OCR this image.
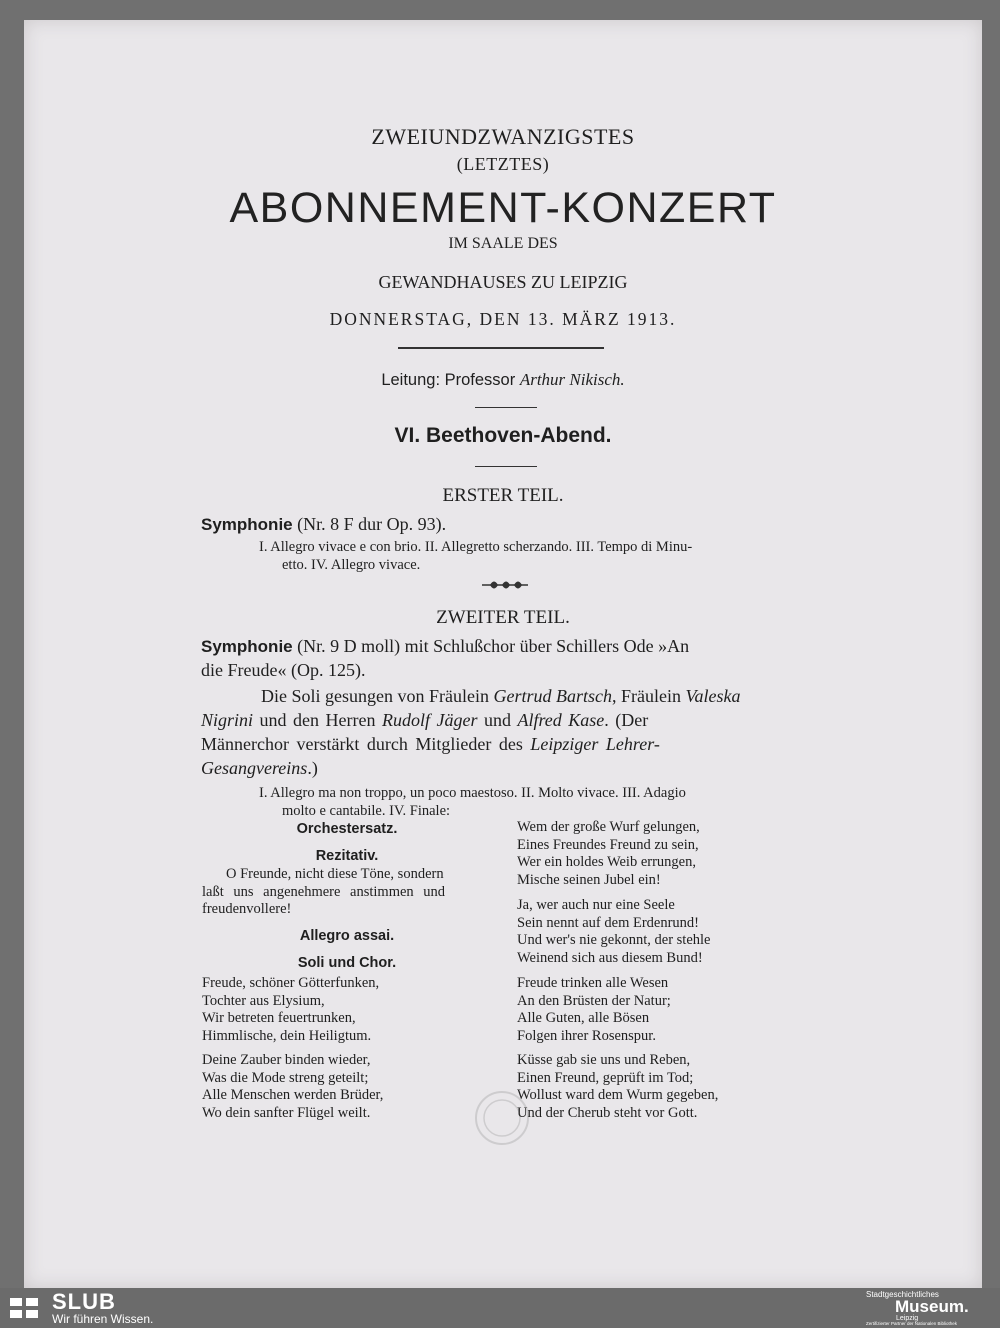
ZWEIUNDZWANZIGSTES
(LETZTES)
ABONNEMENT-KONZERT
IM SAALE DES
GEWANDHAUSES ZU LEIPZIG
DONNERSTAG, DEN 13. MÄRZ 1913.
Leitung: Professor Arthur Nikisch.
VI. Beethoven-Abend.
ERSTER TEIL.
Symphonie (Nr. 8 F dur Op. 93).
I. Allegro vivace e con brio. II. Allegretto scherzando. III. Tempo di Minu-
etto. IV. Allegro vivace.
ZWEITER TEIL.
Symphonie (Nr. 9 D moll) mit Schlußchor über Schillers Ode »An
die Freude« (Op. 125).
Die Soli gesungen von Fräulein Gertrud Bartsch, Fräulein Valeska
Nigrini und den Herren Rudolf Jäger und Alfred Kase. (Der
Männerchor verstärkt durch Mitglieder des Leipziger Lehrer-
Gesangvereins.)
I. Allegro ma non troppo, un poco maestoso. II. Molto vivace. III. Adagio
molto e cantabile. IV. Finale:
Orchestersatz.
Rezitativ.
O Freunde, nicht diese Töne, sondern
laßt uns angenehmere anstimmen und
freudenvollere!
Allegro assai.
Soli und Chor.
Freude, schöner Götterfunken,
Tochter aus Elysium,
Wir betreten feuertrunken,
Himmlische, dein Heiligtum.
Deine Zauber binden wieder,
Was die Mode streng geteilt;
Alle Menschen werden Brüder,
Wo dein sanfter Flügel weilt.
Wem der große Wurf gelungen,
Eines Freundes Freund zu sein,
Wer ein holdes Weib errungen,
Mische seinen Jubel ein!
Ja, wer auch nur eine Seele
Sein nennt auf dem Erdenrund!
Und wer's nie gekonnt, der stehle
Weinend sich aus diesem Bund!
Freude trinken alle Wesen
An den Brüsten der Natur;
Alle Guten, alle Bösen
Folgen ihrer Rosenspur.
Küsse gab sie uns und Reben,
Einen Freund, geprüft im Tod;
Wollust ward dem Wurm gegeben,
Und der Cherub steht vor Gott.
SLUB
Wir führen Wissen.
Stadtgeschichtliches
Museum.
Leipzig
Zertifizierter Partner der Nationalen Bibliothek
